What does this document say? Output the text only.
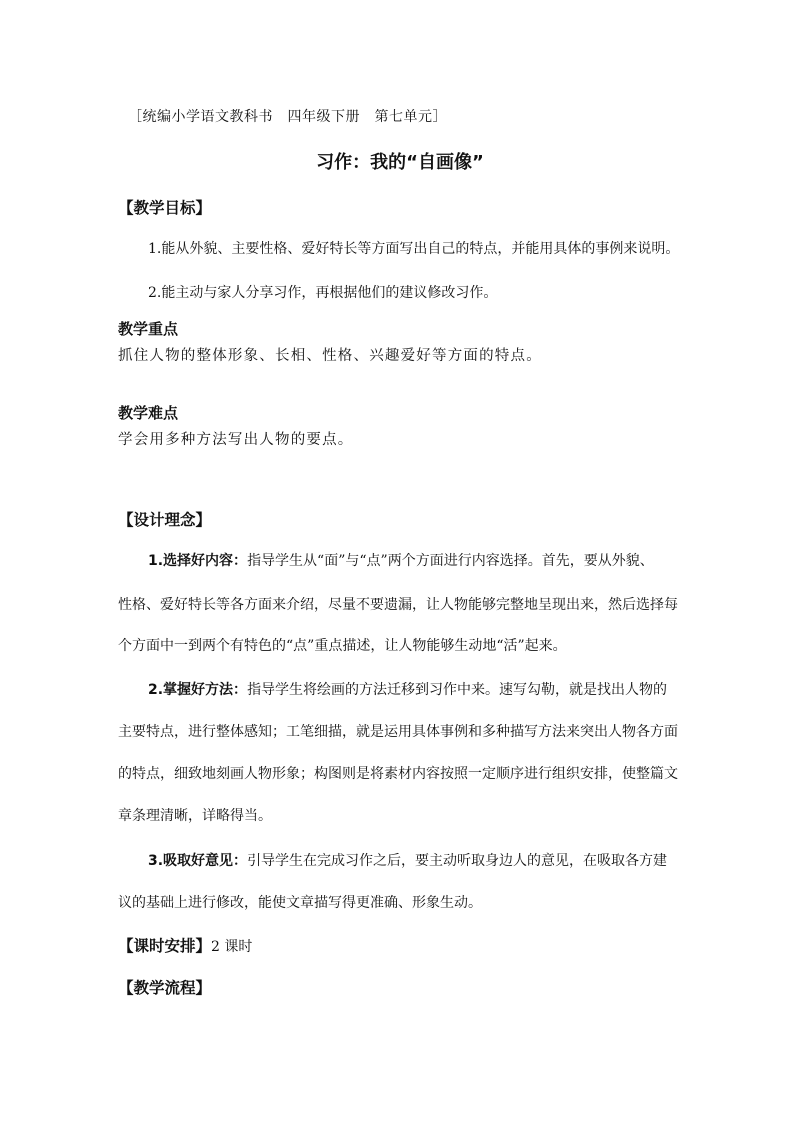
［统编小学语文教科书　四年级下册　第七单元］
习作：我的“自画像”
【教学目标】
1.能从外貌、主要性格、爱好特长等方面写出自己的特点，并能用具体的事例来说明。
2.能主动与家人分享习作，再根据他们的建议修改习作。
教学重点
抓住人物的整体形象、长相、性格、兴趣爱好等方面的特点。
教学难点
学会用多种方法写出人物的要点。
【设计理念】
1.选择好内容：指导学生从“面”与“点”两个方面进行内容选择。首先，要从外貌、
性格、爱好特长等各方面来介绍，尽量不要遗漏，让人物能够完整地呈现出来，然后选择每
个方面中一到两个有特色的“点”重点描述，让人物能够生动地“活”起来。
2.掌握好方法：指导学生将绘画的方法迁移到习作中来。速写勾勒，就是找出人物的
主要特点，进行整体感知；工笔细描，就是运用具体事例和多种描写方法来突出人物各方面
的特点，细致地刻画人物形象；构图则是将素材内容按照一定顺序进行组织安排，使整篇文
章条理清晰，详略得当。
3.吸取好意见：引导学生在完成习作之后，要主动听取身边人的意见，在吸取各方建
议的基础上进行修改，能使文章描写得更准确、形象生动。
【课时安排】2 课时
【教学流程】
